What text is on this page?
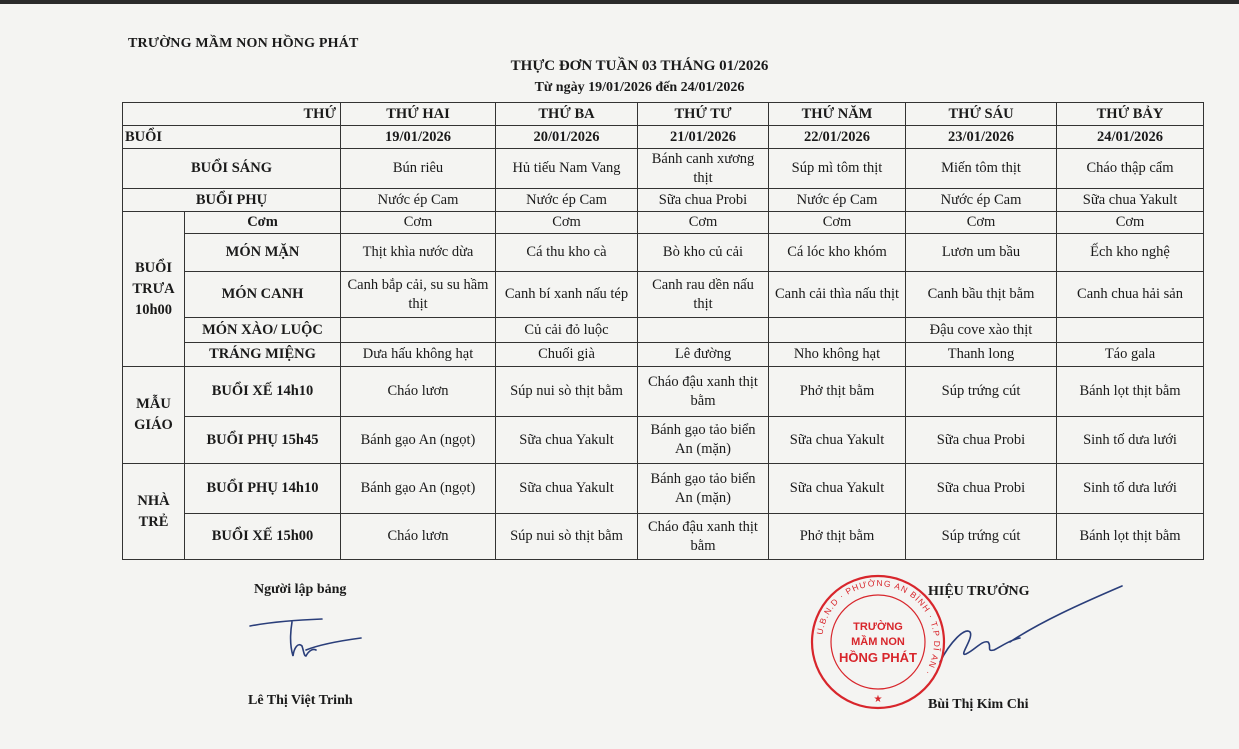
TRƯỜNG MẦM NON HỒNG PHÁT
THỰC ĐƠN TUẦN 03 THÁNG 01/2026
Từ ngày 19/01/2026 đến 24/01/2026
THỨ		THỨ HAI	THỨ BA	THỨ TƯ	THỨ NĂM	THỨ SÁU	THỨ BẢY
BUỔI		19/01/2026	20/01/2026	21/01/2026	22/01/2026	23/01/2026	24/01/2026
BUỔI SÁNG		Bún riêu	Hủ tiếu Nam Vang	Bánh canh xương thịt	Súp mì tôm thịt	Miến tôm thịt	Cháo thập cẩm
BUỔI PHỤ		Nước ép Cam	Nước ép Cam	Sữa chua Probi	Nước ép Cam	Nước ép Cam	Sữa chua Yakult
BUỔI TRƯA 10h00	Cơm	Cơm	Cơm	Cơm	Cơm	Cơm	Cơm
	MÓN MẶN	Thịt khìa nước dừa	Cá thu kho cà	Bò kho củ cải	Cá lóc kho khóm	Lươn um bầu	Ếch kho nghệ
	MÓN CANH	Canh bắp cải, su su hầm thịt	Canh bí xanh nấu tép	Canh rau dền nấu thịt	Canh cải thìa nấu thịt	Canh bầu thịt bằm	Canh chua hải sản
	MÓN XÀO/ LUỘC		Củ cải đỏ luộc			Đậu cove xào thịt	
	TRÁNG MIỆNG	Dưa hấu không hạt	Chuối già	Lê đường	Nho không hạt	Thanh long	Táo gala
MẪU GIÁO	BUỔI XẾ 14h10	Cháo lươn	Súp nui sò thịt bằm	Cháo đậu xanh thịt bằm	Phở thịt bằm	Súp trứng cút	Bánh lọt thịt bằm
	BUỔI PHỤ 15h45	Bánh gạo An (ngọt)	Sữa chua Yakult	Bánh gạo tảo biển An (mặn)	Sữa chua Yakult	Sữa chua Probi	Sinh tố dưa lưới
NHÀ TRẺ	BUỔI PHỤ 14h10	Bánh gạo An (ngọt)	Sữa chua Yakult	Bánh gạo tảo biển An (mặn)	Sữa chua Yakult	Sữa chua Probi	Sinh tố dưa lưới
	BUỔI XẾ 15h00	Cháo lươn	Súp nui sò thịt bằm	Cháo đậu xanh thịt bằm	Phở thịt bằm	Súp trứng cút	Bánh lọt thịt bằm
Người lập bảng
Lê Thị Việt Trinh
HIỆU TRƯỞNG
U.B.N.D · PHƯỜNG AN BÌNH · T.P DĨ AN ·
TRƯỜNG
MẦM NON
HỒNG PHÁT
★	Bùi Thị Kim Chi
